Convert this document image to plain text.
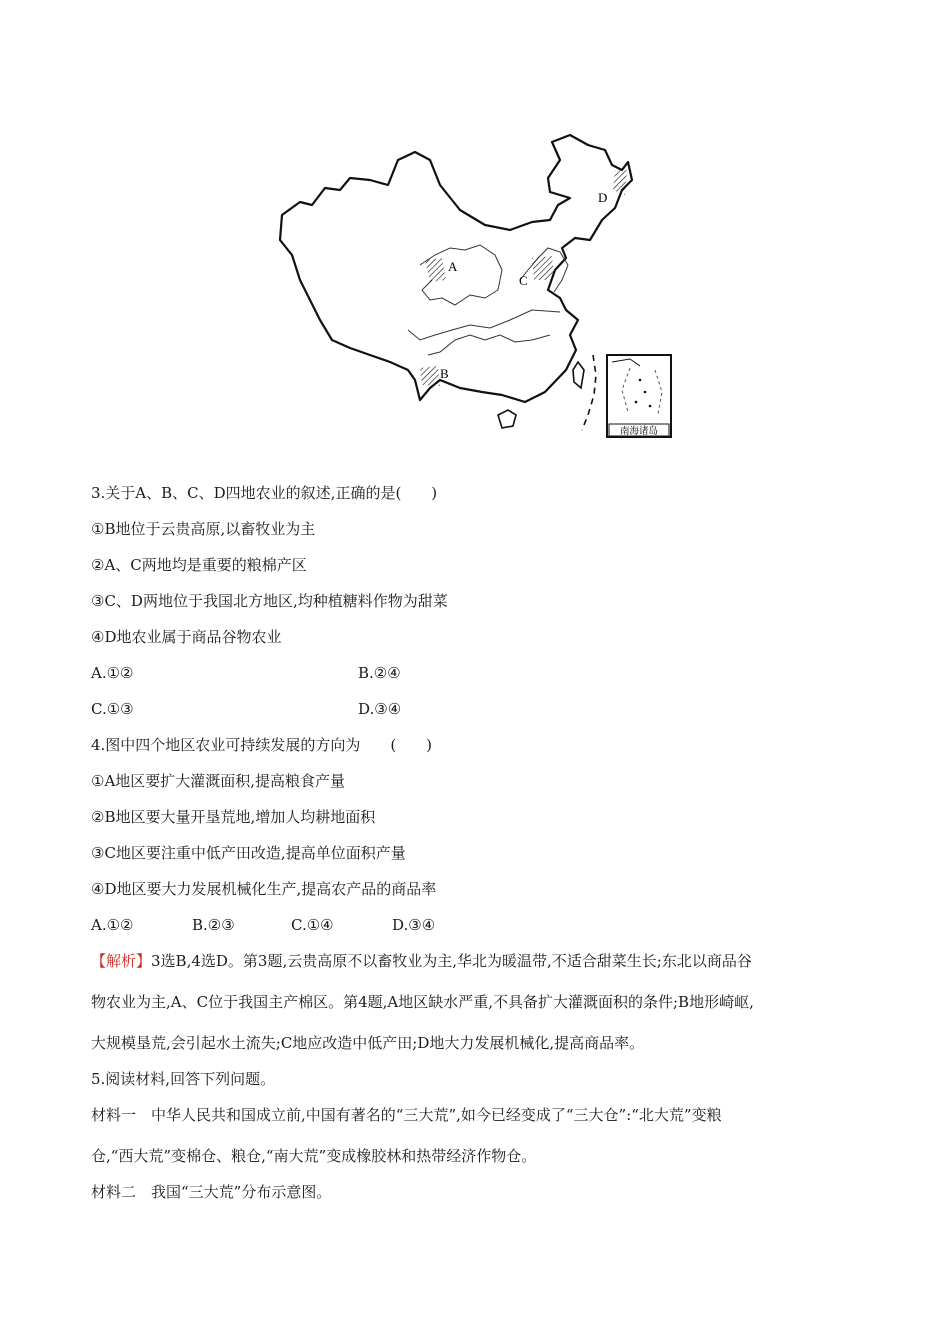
A
B
C
D
南海诸岛
3.关于A、B、C、D四地农业的叙述,正确的是(　　)
①B地位于云贵高原,以畜牧业为主
②A、C两地均是重要的粮棉产区
③C、D两地位于我国北方地区,均种植糖料作物为甜菜
④D地农业属于商品谷物农业
A.①②	B.②④
C.①③	D.③④
4.图中四个地区农业可持续发展的方向为　　(　　)
①A地区要扩大灌溉面积,提高粮食产量
②B地区要大量开垦荒地,增加人均耕地面积
③C地区要注重中低产田改造,提高单位面积产量
④D地区要大力发展机械化生产,提高农产品的商品率
A.①②	B.②③	C.①④	D.③④
【解析】3选B,4选D。第3题,云贵高原不以畜牧业为主,华北为暖温带,不适合甜菜生长;东北以商品谷
物农业为主,A、C位于我国主产棉区。第4题,A地区缺水严重,不具备扩大灌溉面积的条件;B地形崎岖,
大规模垦荒,会引起水土流失;C地应改造中低产田;D地大力发展机械化,提高商品率。
5.阅读材料,回答下列问题。
材料一　中华人民共和国成立前,中国有著名的“三大荒”,如今已经变成了“三大仓”:“北大荒”变粮
仓,“西大荒”变棉仓、粮仓,“南大荒”变成橡胶林和热带经济作物仓。
材料二　我国“三大荒”分布示意图。
